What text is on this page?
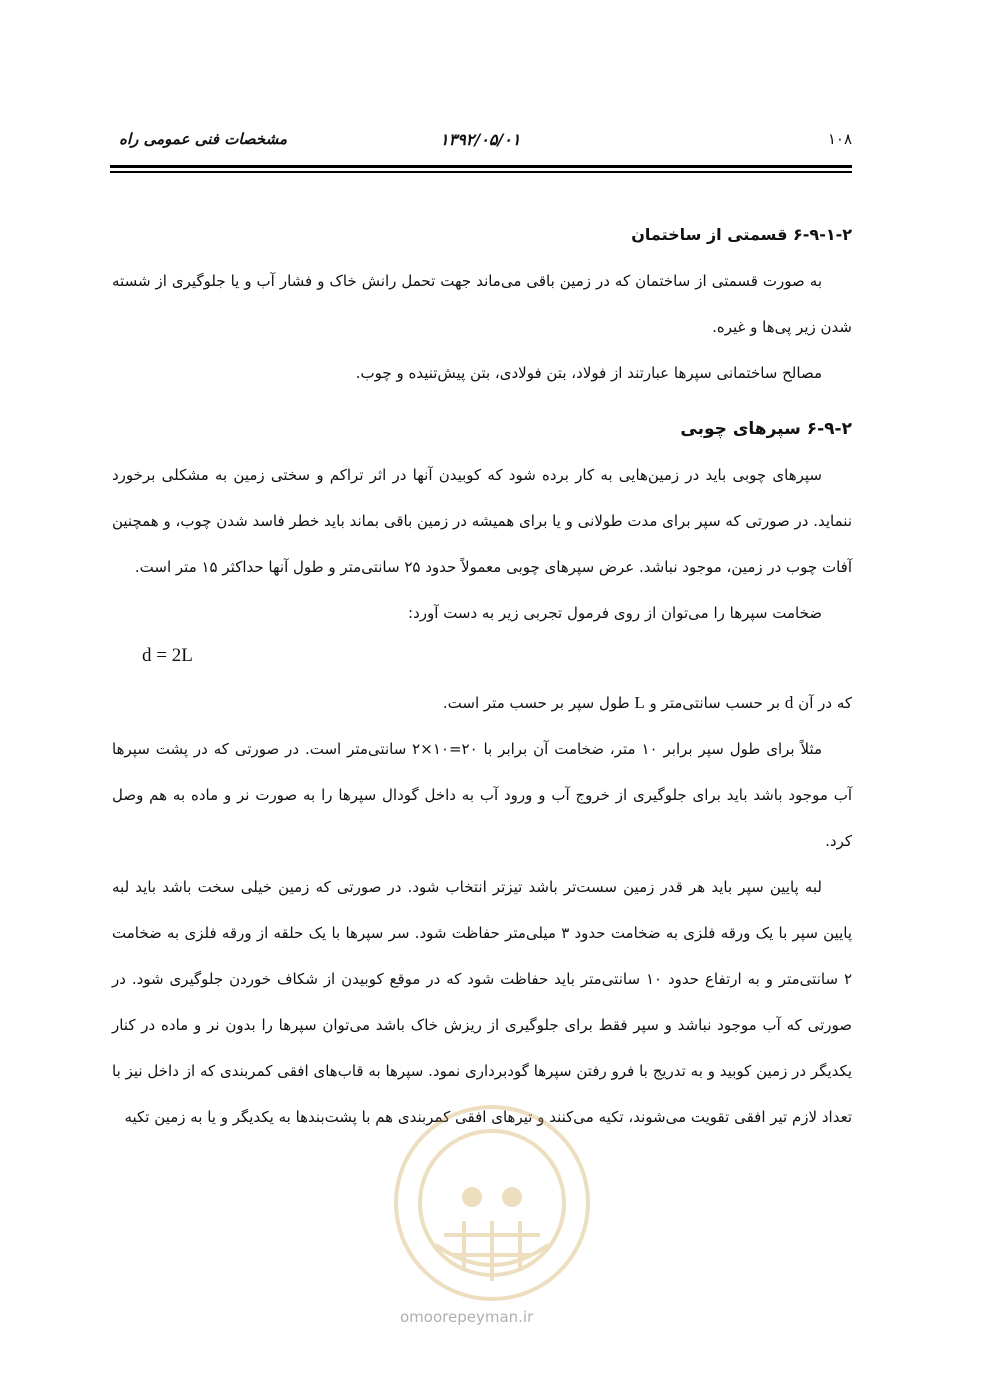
مشخصات فنی عمومی راه	۱۳۹۲/۰۵/۰۱	۱۰۸

۶-۹-۱-۲ قسمتی از ساختمان

به صورت قسمتی از ساختمان که در زمین باقی می‌ماند جهت تحمل رانش خاک و فشار آب و یا جلوگیری از شسته شدن زیر پی‌ها و غیره.

مصالح ساختمانی سپرها عبارتند از فولاد، بتن فولادی، بتن پیش‌تنیده و چوب.

۶-۹-۲ سپرهای چوبی

سپرهای چوبی باید در زمین‌هایی به کار برده شود که کوبیدن آنها در اثر تراکم و سختی زمین به مشکلی برخورد ننماید. در صورتی که سپر برای مدت طولانی و یا برای همیشه در زمین باقی بماند باید خطر فاسد شدن چوب، و همچنین آفات چوب در زمین، موجود نباشد. عرض سپرهای چوبی معمولاً حدود ۲۵ سانتی‌متر و طول آنها حداکثر ۱۵ متر است.

ضخامت سپرها را می‌توان از روی فرمول تجربی زیر به دست آورد:

d = 2L

که در آن d بر حسب سانتی‌متر و L طول سپر بر حسب متر است.

مثلاً برای طول سپر برابر ۱۰ متر، ضخامت آن برابر با ۲۰=۱۰×۲ سانتی‌متر است. در صورتی که در پشت سپرها آب موجود باشد باید برای جلوگیری از خروج آب و ورود آب به داخل گودال سپرها را به صورت نر و ماده به هم وصل کرد.

لبه پایین سپر باید هر قدر زمین سست‌تر باشد تیزتر انتخاب شود. در صورتی که زمین خیلی سخت باشد باید لبه پایین سپر با یک ورقه فلزی به ضخامت حدود ۳ میلی‌متر حفاظت شود. سر سپرها با یک حلقه از ورقه فلزی به ضخامت ۲ سانتی‌متر و به ارتفاع حدود ۱۰ سانتی‌متر باید حفاظت شود که در موقع کوبیدن از شکاف خوردن جلوگیری شود. در صورتی که آب موجود نباشد و سپر فقط برای جلوگیری از ریزش خاک باشد می‌توان سپرها را بدون نر و ماده در کنار یکدیگر در زمین کوبید و به تدریج با فرو رفتن سپرها گودبرداری نمود. سپرها به قاب‌های افقی کمربندی که از داخل نیز با تعداد لازم تیر افقی تقویت می‌شوند، تکیه می‌کنند و تیرهای افقی کمربندی هم با پشت‌بندها به یکدیگر و یا به زمین تکیه

omoorepeyman.ir
